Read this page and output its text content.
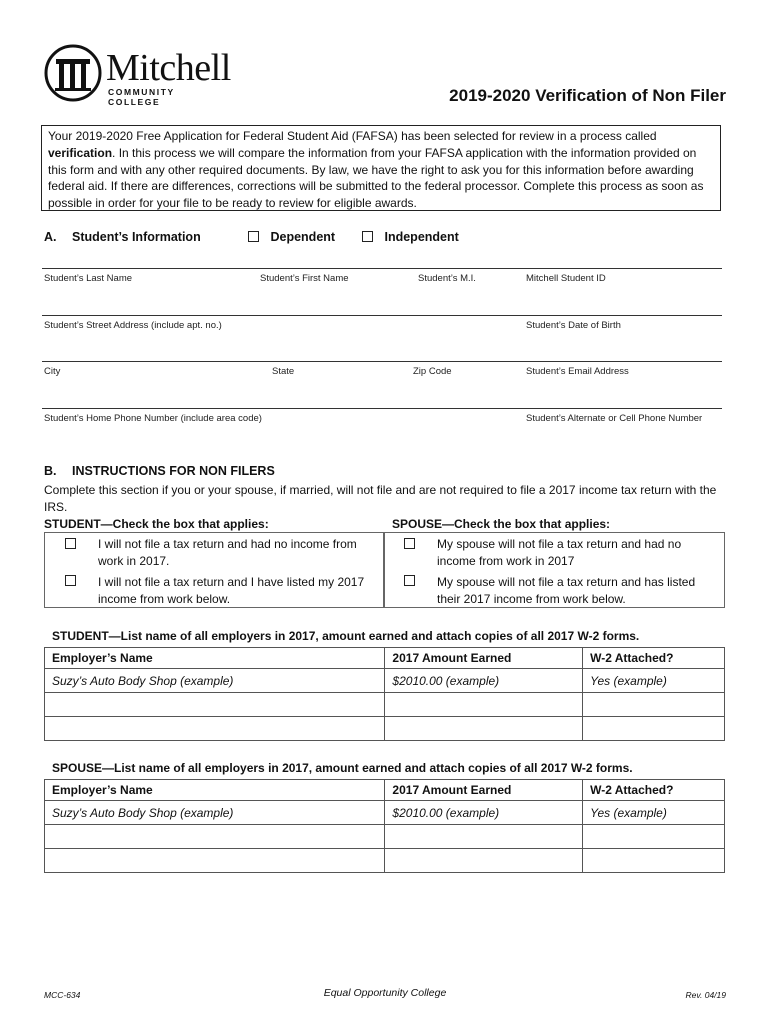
Mitchell
COMMUNITY COLLEGE	2019-2020 Verification of Non Filer
Your 2019-2020 Free Application for Federal Student Aid (FAFSA) has been selected for review in a process called verification. In this process we will compare the information from your FAFSA application with the information provided on this form and with any other required documents. By law, we have the right to ask you for this information before awarding federal aid. If there are differences, corrections will be submitted to the federal processor. Complete this process as soon as possible in order for your file to be ready to review for eligible awards.
A. Student’s Information	Dependent	Independent
Student’s Last Name	Student’s First Name	Student’s M.I.	Mitchell Student ID
Student’s Street Address (include apt. no.)	Student’s Date of Birth
City	State	Zip Code	Student’s Email Address
Student’s Home Phone Number (include area code)	Student’s Alternate or Cell Phone Number
B. INSTRUCTIONS FOR NON FILERS
Complete this section if you or your spouse, if married, will not file and are not required to file a 2017 income tax return with the IRS.
STUDENT—Check the box that applies:	SPOUSE—Check the box that applies:
I will not file a tax return and had no income from work in 2017.
I will not file a tax return and I have listed my 2017 income from work below.
My spouse will not file a tax return and had no income from work in 2017
My spouse will not file a tax return and has listed their 2017 income from work below.
STUDENT—List name of all employers in 2017, amount earned and attach copies of all 2017 W-2 forms.
Employer’s Name	2017 Amount Earned	W-2 Attached?
Suzy’s Auto Body Shop (example)	$2010.00 (example)	Yes (example)

SPOUSE—List name of all employers in 2017, amount earned and attach copies of all 2017 W-2 forms.
Employer’s Name	2017 Amount Earned	W-2 Attached?
Suzy’s Auto Body Shop (example)	$2010.00 (example)	Yes (example)

MCC-634	Equal Opportunity College	Rev. 04/19
